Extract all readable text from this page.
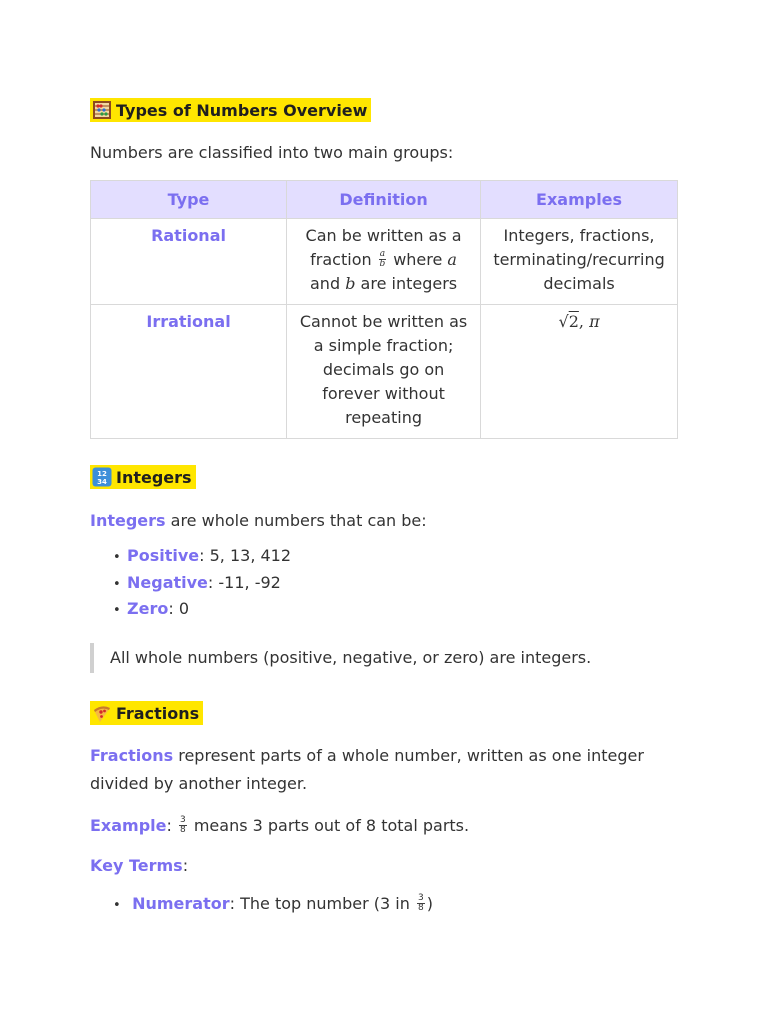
Types of Numbers Overview
Numbers are classified into two main groups:
Type	Definition	Examples
Rational	Can be written as a fraction $\frac{a}{b}$ where a and b are integers	Integers, fractions, terminating/recurring decimals
Irrational	Cannot be written as a simple fraction; decimals go on forever without repeating	√2, π
12
34 Integers
Integers are whole numbers that can be:
• Positive: 5, 13, 412
• Negative: -11, -92
• Zero: 0
All whole numbers (positive, negative, or zero) are integers.
Fractions
Fractions represent parts of a whole number, written as one integer
divided by another integer.
Example: $\frac{3}{8}$ means 3 parts out of 8 total parts.
Key Terms:
• Numerator: The top number (3 in $\frac{3}{8}$ )
